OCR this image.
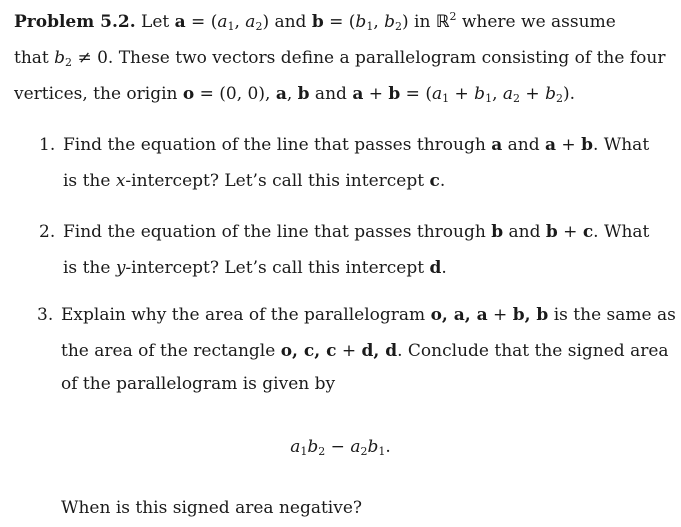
Problem 5.2. Let $a = (a_1$, $a_2$) and $b = (b_1$, $b_2$) in ℝ$^2$ where we assume
that $b_2 \ne 0$. These two vectors define a parallelogram consisting of the four
vertices, the origin o = (0, 0), a, b and $a + b = (a_1 + b_1$, $a_2 + b_2$).
1. Find the equation of the line that passes through a and a + b. What
is the x-intercept? Let’s call this intercept c.
2. Find the equation of the line that passes through b and b + c. What
is the y-intercept? Let’s call this intercept d.
3. Explain why the area of the parallelogram o, a, a + b, b is the same as
the area of the rectangle o, c, c + d, d. Conclude that the signed area
of the parallelogram is given by
$a_1b_2 - a_2b_1$.
When is this signed area negative?
